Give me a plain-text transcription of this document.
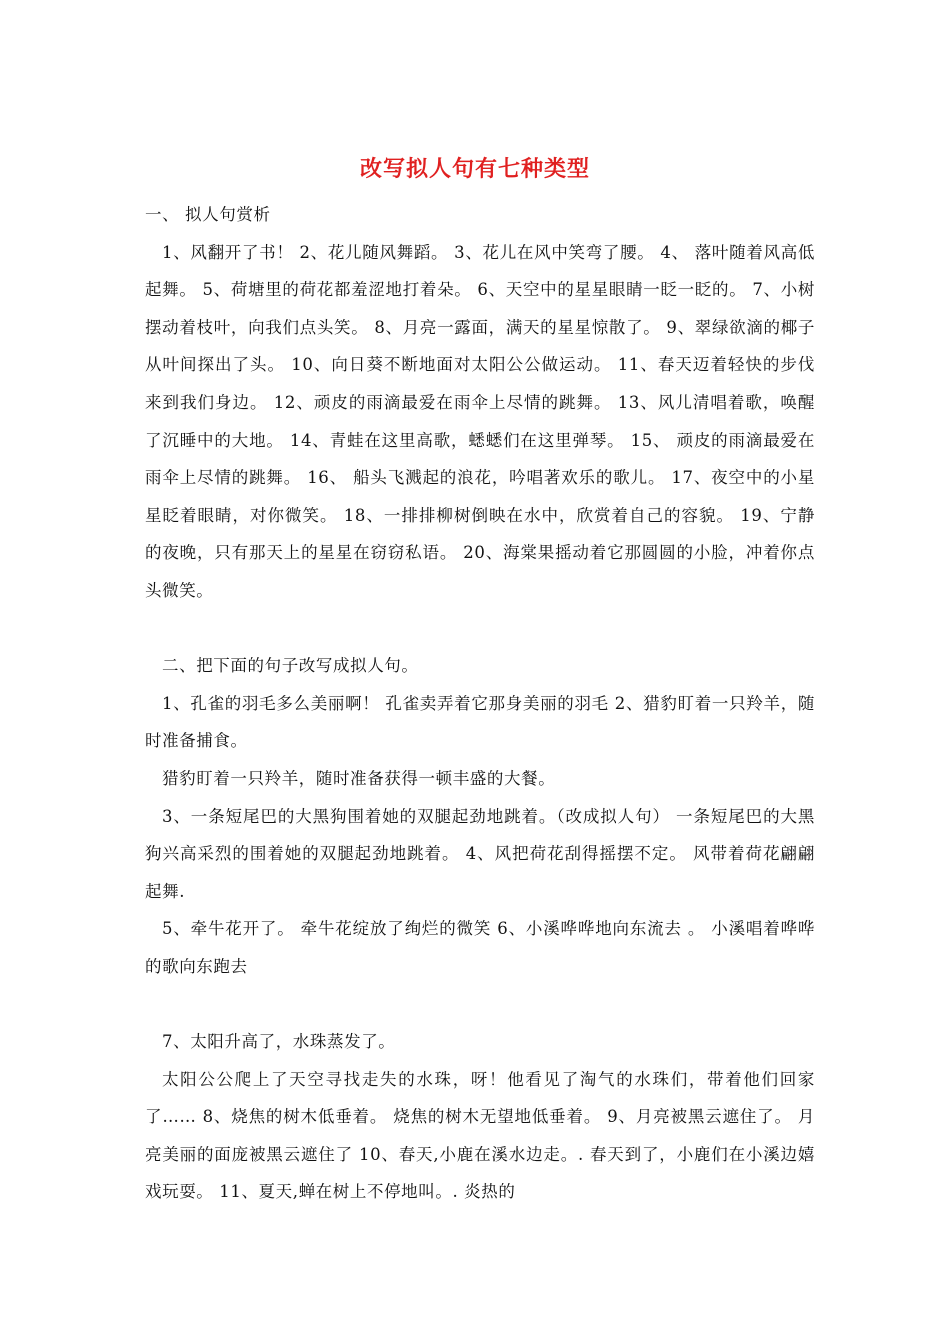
改写拟人句有七种类型

一、 拟人句赏析

1、风翻开了书！ 2、花儿随风舞蹈。 3、花儿在风中笑弯了腰。 4、 落叶随着风高低起舞。 5、荷塘里的荷花都羞涩地打着朵。 6、天空中的星星眼睛一眨一眨的。 7、小树摆动着枝叶，向我们点头笑。 8、月亮一露面，满天的星星惊散了。 9、翠绿欲滴的椰子从叶间探出了头。 10、向日葵不断地面对太阳公公做运动。 11、春天迈着轻快的步伐来到我们身边。 12、顽皮的雨滴最爱在雨伞上尽情的跳舞。 13、风儿清唱着歌，唤醒了沉睡中的大地。 14、青蛙在这里高歌，蟋蟋们在这里弹琴。 15、 顽皮的雨滴最爱在雨伞上尽情的跳舞。 16、 船头飞溅起的浪花，吟唱著欢乐的歌儿。 17、夜空中的小星星眨着眼睛，对你微笑。 18、一排排柳树倒映在水中，欣赏着自己的容貌。 19、宁静的夜晚，只有那天上的星星在窃窃私语。 20、海棠果摇动着它那圆圆的小脸，冲着你点头微笑。

二、把下面的句子改写成拟人句。

1、孔雀的羽毛多么美丽啊！ 孔雀卖弄着它那身美丽的羽毛 2、猎豹盯着一只羚羊，随时准备捕食。

猎豹盯着一只羚羊，随时准备获得一顿丰盛的大餐。

3、一条短尾巴的大黑狗围着她的双腿起劲地跳着。（改成拟人句） 一条短尾巴的大黑狗兴高采烈的围着她的双腿起劲地跳着。 4、风把荷花刮得摇摆不定。 风带着荷花翩翩起舞.

5、牵牛花开了。 牵牛花绽放了绚烂的微笑 6、小溪哗哗地向东流去 。 小溪唱着哗哗的歌向东跑去

7、太阳升高了，水珠蒸发了。

太阳公公爬上了天空寻找走失的水珠，呀！他看见了淘气的水珠们，带着他们回家了…… 8、烧焦的树木低垂着。 烧焦的树木无望地低垂着。 9、月亮被黑云遮住了。 月亮美丽的面庞被黑云遮住了 10、春天,小鹿在溪水边走。. 春天到了，小鹿们在小溪边嬉戏玩耍。 11、夏天,蝉在树上不停地叫。. 炎热的
